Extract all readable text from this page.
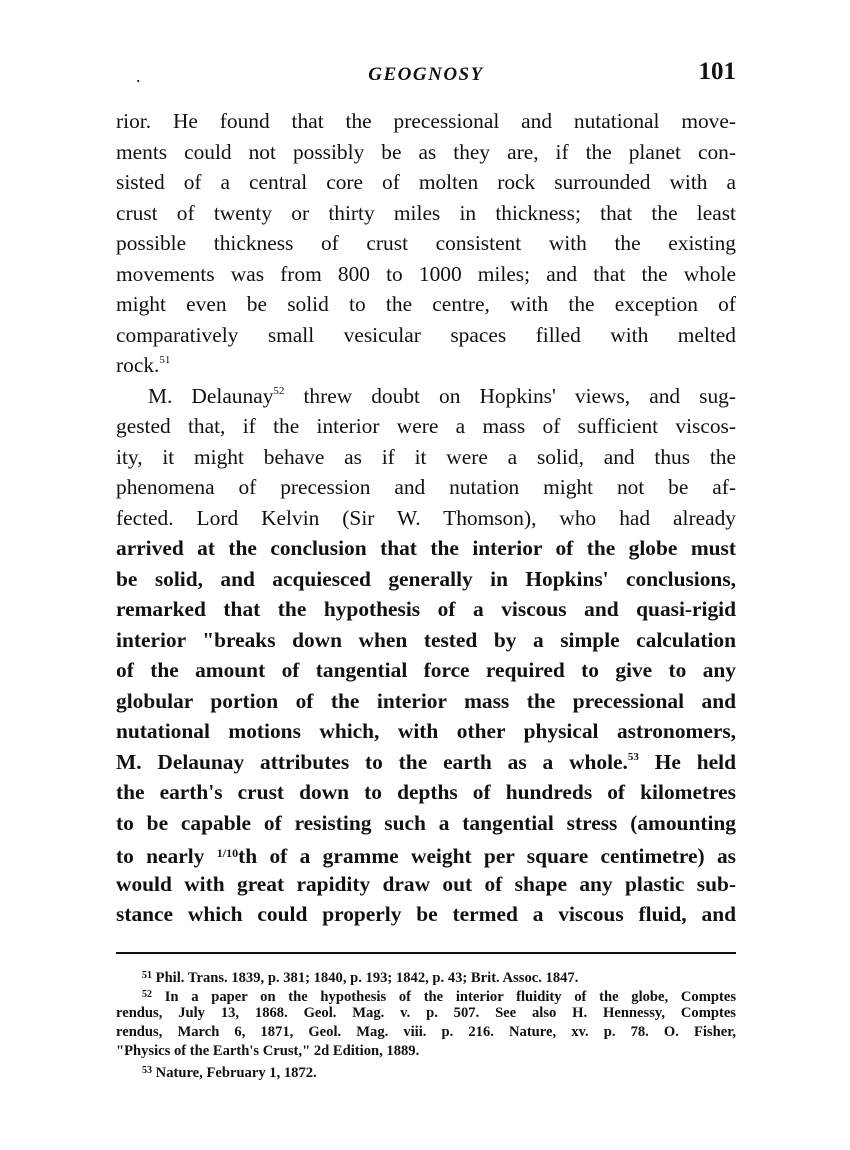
.	GEOGNOSY	101
rior. He found that the precessional and nutational move-
ments could not possibly be as they are, if the planet con-
sisted of a central core of molten rock surrounded with a
crust of twenty or thirty miles in thickness; that the least
possible thickness of crust consistent with the existing
movements was from 800 to 1000 miles; and that the whole
might even be solid to the centre, with the exception of
comparatively small vesicular spaces filled with melted
rock.$^{51}$
M. Delaunay$^{52}$ threw doubt on Hopkins' views, and sug-
gested that, if the interior were a mass of sufficient viscos-
ity, it might behave as if it were a solid, and thus the
phenomena of precession and nutation might not be af-
fected. Lord Kelvin (Sir W. Thomson), who had already
arrived at the conclusion that the interior of the globe must
be solid, and acquiesced generally in Hopkins' conclusions,
remarked that the hypothesis of a viscous and quasi-rigid
interior "breaks down when tested by a simple calculation
of the amount of tangential force required to give to any
globular portion of the interior mass the precessional and
nutational motions which, with other physical astronomers,
M. Delaunay attributes to the earth as a whole.$^{53}$ He held
the earth's crust down to depths of hundreds of kilometres
to be capable of resisting such a tangential stress (amounting
to nearly $^{1/10}$th of a gramme weight per square centimetre) as
would with great rapidity draw out of shape any plastic sub-
stance which could properly be termed a viscous fluid, and
$^{51}$ Phil. Trans. 1839, p. 381; 1840, p. 193; 1842, p. 43; Brit. Assoc. 1847.
$^{52}$ In a paper on the hypothesis of the interior fluidity of the globe, Comptes
rendus, July 13, 1868. Geol. Mag. v. p. 507. See also H. Hennessy, Comptes
rendus, March 6, 1871, Geol. Mag. viii. p. 216. Nature, xv. p. 78. O. Fisher,
"Physics of the Earth's Crust," 2d Edition, 1889.
$^{53}$ Nature, February 1, 1872.
